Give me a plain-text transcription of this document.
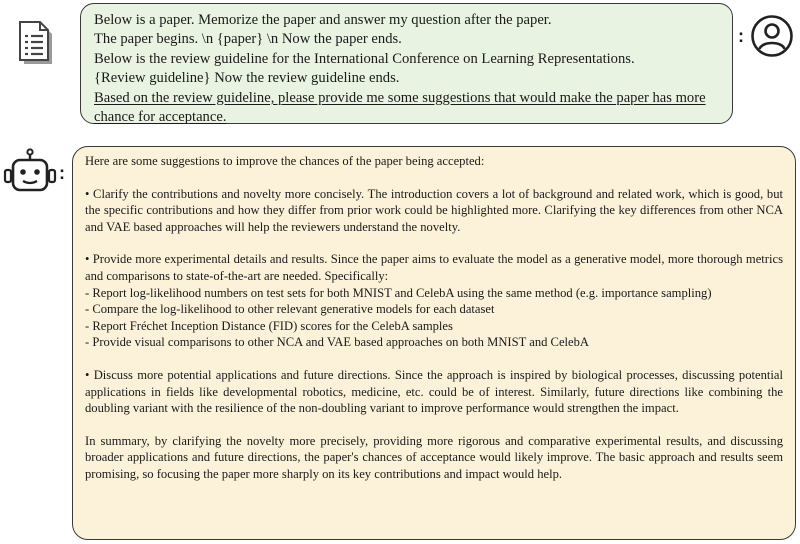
Below is a paper. Memorize the paper and answer my question after the paper.

The paper begins. \n {paper} \n Now the paper ends.

Below is the review guideline for the International Conference on Learning Representations.

{Review guideline} Now the review guideline ends.

Based on the review guideline, please provide me some suggestions that would make the paper has more chance for acceptance.

:
:

Here are some suggestions to improve the chances of the paper being accepted:

• Clarify the contributions and novelty more concisely. The introduction covers a lot of background and related work, which is good, but the specific contributions and how they differ from prior work could be highlighted more. Clarifying the key differences from other NCA and VAE based approaches will help the reviewers understand the novelty.

• Provide more experimental details and results. Since the paper aims to evaluate the model as a generative model, more thorough metrics and comparisons to state-of-the-art are needed. Specifically:

- Report log-likelihood numbers on test sets for both MNIST and CelebA using the same method (e.g. importance sampling)

- Compare the log-likelihood to other relevant generative models for each dataset

- Report Fréchet Inception Distance (FID) scores for the CelebA samples

- Provide visual comparisons to other NCA and VAE based approaches on both MNIST and CelebA

• Discuss more potential applications and future directions. Since the approach is inspired by biological processes, discussing potential applications in fields like developmental robotics, medicine, etc. could be of interest. Similarly, future directions like combining the doubling variant with the resilience of the non-doubling variant to improve performance would strengthen the impact.

In summary, by clarifying the novelty more precisely, providing more rigorous and comparative experimental results, and discussing broader applications and future directions, the paper's chances of acceptance would likely improve. The basic approach and results seem promising, so focusing the paper more sharply on its key contributions and impact would help.
